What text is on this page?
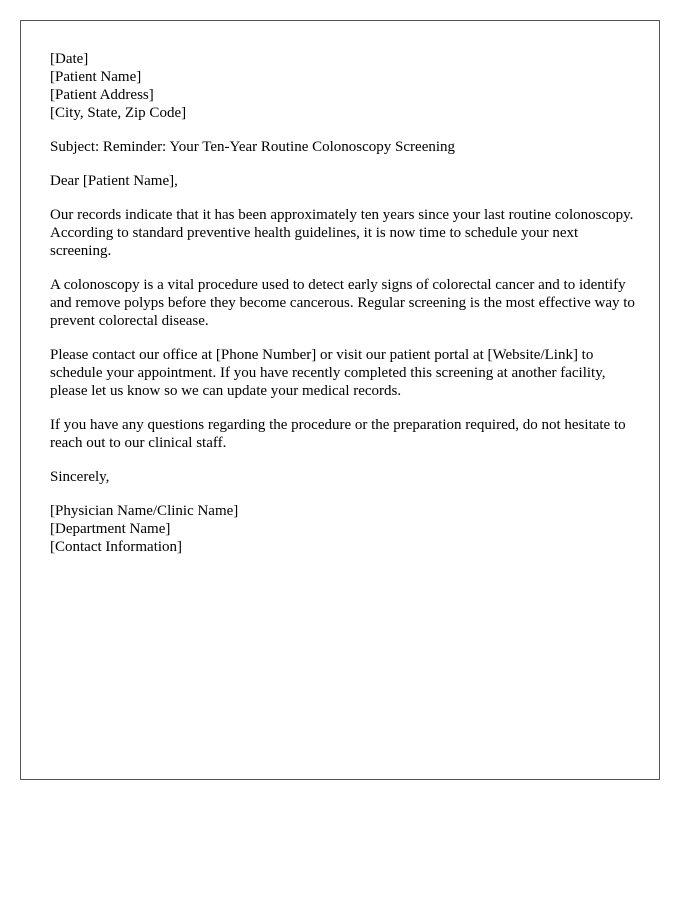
[Date]
[Patient Name]
[Patient Address]
[City, State, Zip Code]

Subject: Reminder: Your Ten-Year Routine Colonoscopy Screening

Dear [Patient Name],

Our records indicate that it has been approximately ten years since your last routine colonoscopy. According to standard preventive health guidelines, it is now time to schedule your next screening.

A colonoscopy is a vital procedure used to detect early signs of colorectal cancer and to identify and remove polyps before they become cancerous. Regular screening is the most effective way to prevent colorectal disease.

Please contact our office at [Phone Number] or visit our patient portal at [Website/Link] to schedule your appointment. If you have recently completed this screening at another facility, please let us know so we can update your medical records.

If you have any questions regarding the procedure or the preparation required, do not hesitate to reach out to our clinical staff.

Sincerely,

[Physician Name/Clinic Name]
[Department Name]
[Contact Information]
